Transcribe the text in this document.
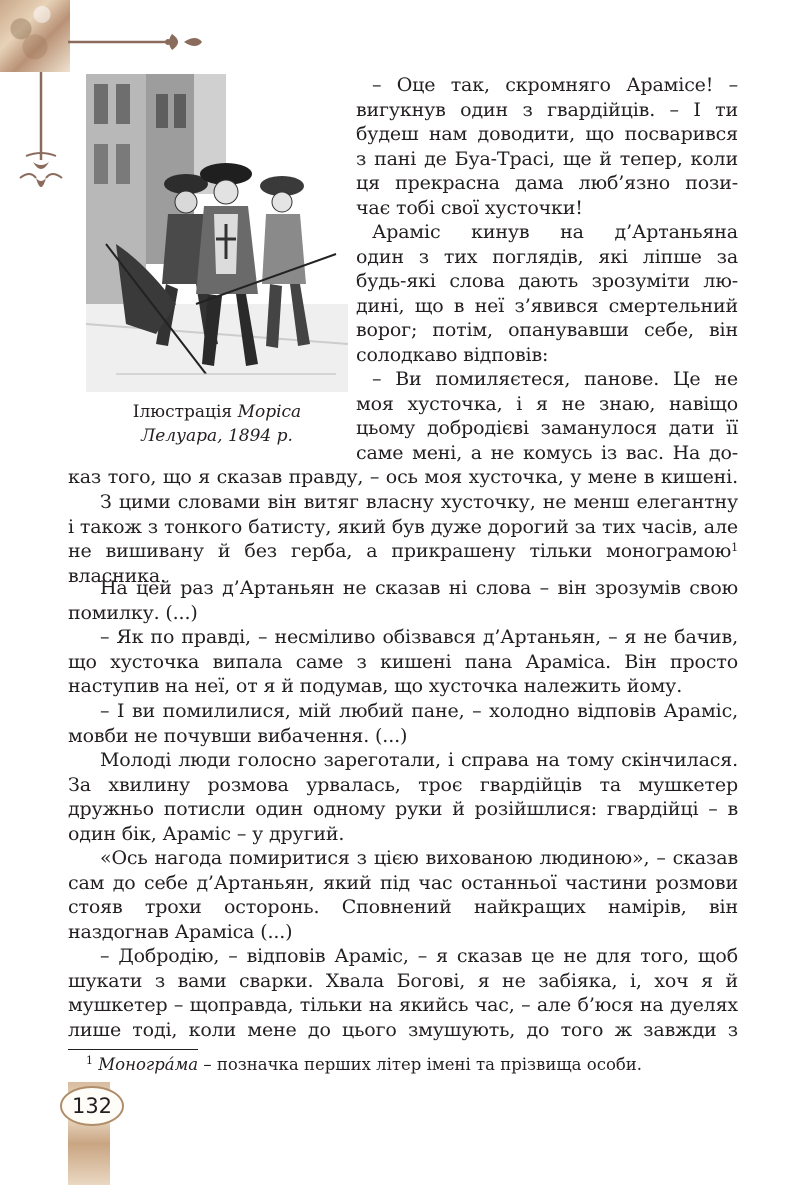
Ілюстрація Моріса
Лелуара, 1894 р.
– Оце так, скромняго Арамісе! –
вигукнув один з гвардійців. – І ти
будеш нам доводити, що посварився
з пані де Буа-Трасі, ще й тепер, коли
ця прекрасна дама люб’язно пози-
чає тобі свої хусточки!
Араміс кинув на д’Артаньяна
один з тих поглядів, які ліпше за
будь-які слова дають зрозуміти лю-
дині, що в неї з’явився смертельний
ворог; потім, опанувавши себе, він
солодкаво відповів:
– Ви помиляєтеся, панове. Це не
моя хусточка, і я не знаю, навіщо
цьому добродієві заманулося дати її
саме мені, а не комусь із вас. На до-
каз того, що я сказав правду, – ось моя хусточка, у мене в кишені.
З цими словами він витяг власну хусточку, не менш елегантну і також з тонкого батисту, який був дуже дорогий за тих часів, але не вишивану й без герба, а прикрашену тільки монограмою$^1$ власника.
На цей раз д’Артаньян не сказав ні слова – він зрозумів свою помилку. (...)
– Як по правді, – несміливо обізвався д’Артаньян, – я не бачив, що хусточка випала саме з кишені пана Араміса. Він просто наступив на неї, от я й подумав, що хусточка належить йому.
– І ви помилилися, мій любий пане, – холодно відповів Араміс, мовби не почувши вибачення. (...)
Молоді люди голосно зареготали, і справа на тому скінчилася. За хвилину розмова урвалась, троє гвардійців та мушкетер дружньо потисли один одному руки й розійшлися: гвардійці – в один бік, Араміс – у другий.
«Ось нагода помиритися з цією вихованою людиною», – сказав сам до себе д’Артаньян, який під час останньої частини розмови стояв трохи осторонь. Сповнений найкращих намірів, він наздогнав Араміса (...)
– Добродію, – відповів Араміс, – я сказав це не для того, щоб шукати з вами сварки. Хвала Богові, я не забіяка, і, хоч я й мушкетер – щоправда, тільки на якийсь час, – але б’юся на дуелях лише тоді, коли мене до цього змушують, до того ж завжди з
$^1$ Моногра́ма – позначка перших літер імені та прізвища особи.
132
